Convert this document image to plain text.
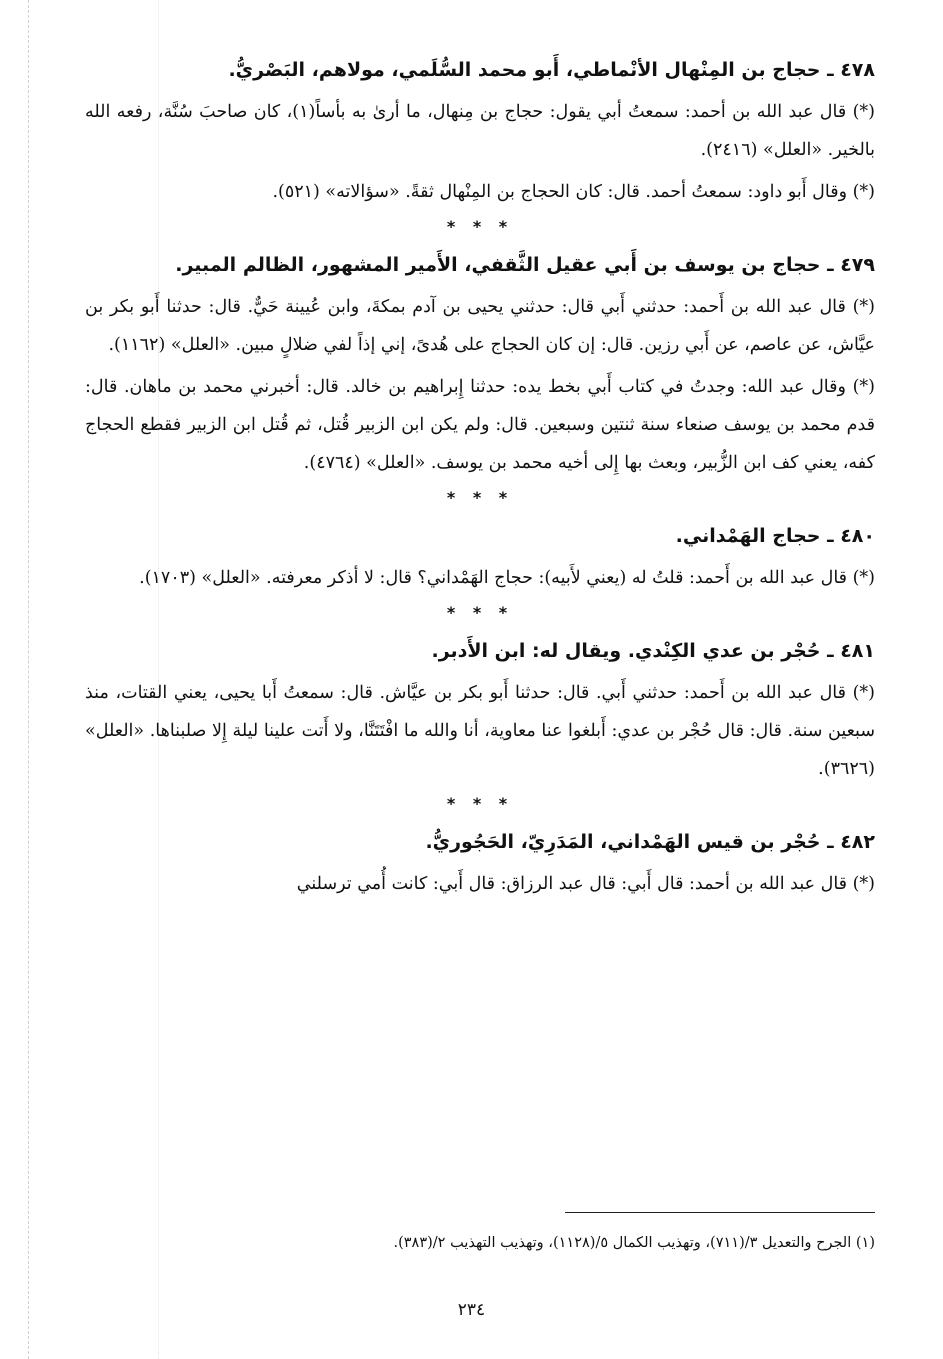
٤٧٨ ـ حجاج بن المِنْهال الأنْماطي، أَبو محمد السُّلَمي، مولاهم، البَصْريُّ.

(*) قال عبد الله بن أحمد: سمعتُ أبي يقول: حجاج بن مِنهال، ما أرىٰ به بأساً(١)، كان صاحبَ سُنَّة، رفعه الله بالخير. «العلل» (٢٤١٦).

(*) وقال أَبو داود: سمعتُ أحمد. قال: كان الحجاج بن المِنْهال ثقةً. «سؤالاته» (٥٢١).

* * *
٤٧٩ ـ حجاج بن يوسف بن أَبي عقيل الثَّقفي، الأَمير المشهور، الظالم المبير.

(*) قال عبد الله بن أَحمد: حدثني أَبي قال: حدثني يحيى بن آدم بمكةَ، وابن عُيينة حَيٌّ. قال: حدثنا أَبو بكر بن عيَّاش، عن عاصم، عن أَبي رزين. قال: إن كان الحجاج على هُدىً، إني إذاً لفي ضلالٍ مبين. «العلل» (١١٦٢).

(*) وقال عبد الله: وجدتُ في كتاب أَبي بخط يده: حدثنا إِبراهيم بن خالد. قال: أخبرني محمد بن ماهان. قال: قدم محمد بن يوسف صنعاء سنة ثنتين وسبعين. قال: ولم يكن ابن الزبير قُتل، ثم قُتل ابن الزبير فقطع الحجاج كفه، يعني كف ابن الزُّبير، وبعث بها إِلى أخيه محمد بن يوسف. «العلل» (٤٧٦٤).

* * *
٤٨٠ ـ حجاج الهَمْداني.

(*) قال عبد الله بن أَحمد: قلتُ له (يعني لأَبيه): حجاج الهَمْداني؟ قال: لا أذكر معرفته. «العلل» (١٧٠٣).

* * *
٤٨١ ـ حُجْر بن عدي الكِنْدي. ويقال له: ابن الأَدبر.

(*) قال عبد الله بن أَحمد: حدثني أَبي. قال: حدثنا أَبو بكر بن عيَّاش. قال: سمعتُ أَبا يحيى، يعني القتات، منذ سبعين سنة. قال: قال حُجْر بن عدي: أَبلغوا عنا معاوية، أنا والله ما افْتَتَنَّا، ولا أَتت علينا ليلة إِلا صلبناها. «العلل» (٣٦٢٦).

* * *
٤٨٢ ـ حُجْر بن قيس الهَمْداني، المَدَرِيّ، الحَجُوريُّ.

(*) قال عبد الله بن أحمد: قال أَبي: قال عبد الرزاق: قال أَبي: كانت أُمي ترسلني

(١) الجرح والتعديل ٣/(٧١١)، وتهذيب الكمال ٥/(١١٢٨)، وتهذيب التهذيب ٢/(٣٨٣).
٢٣٤
